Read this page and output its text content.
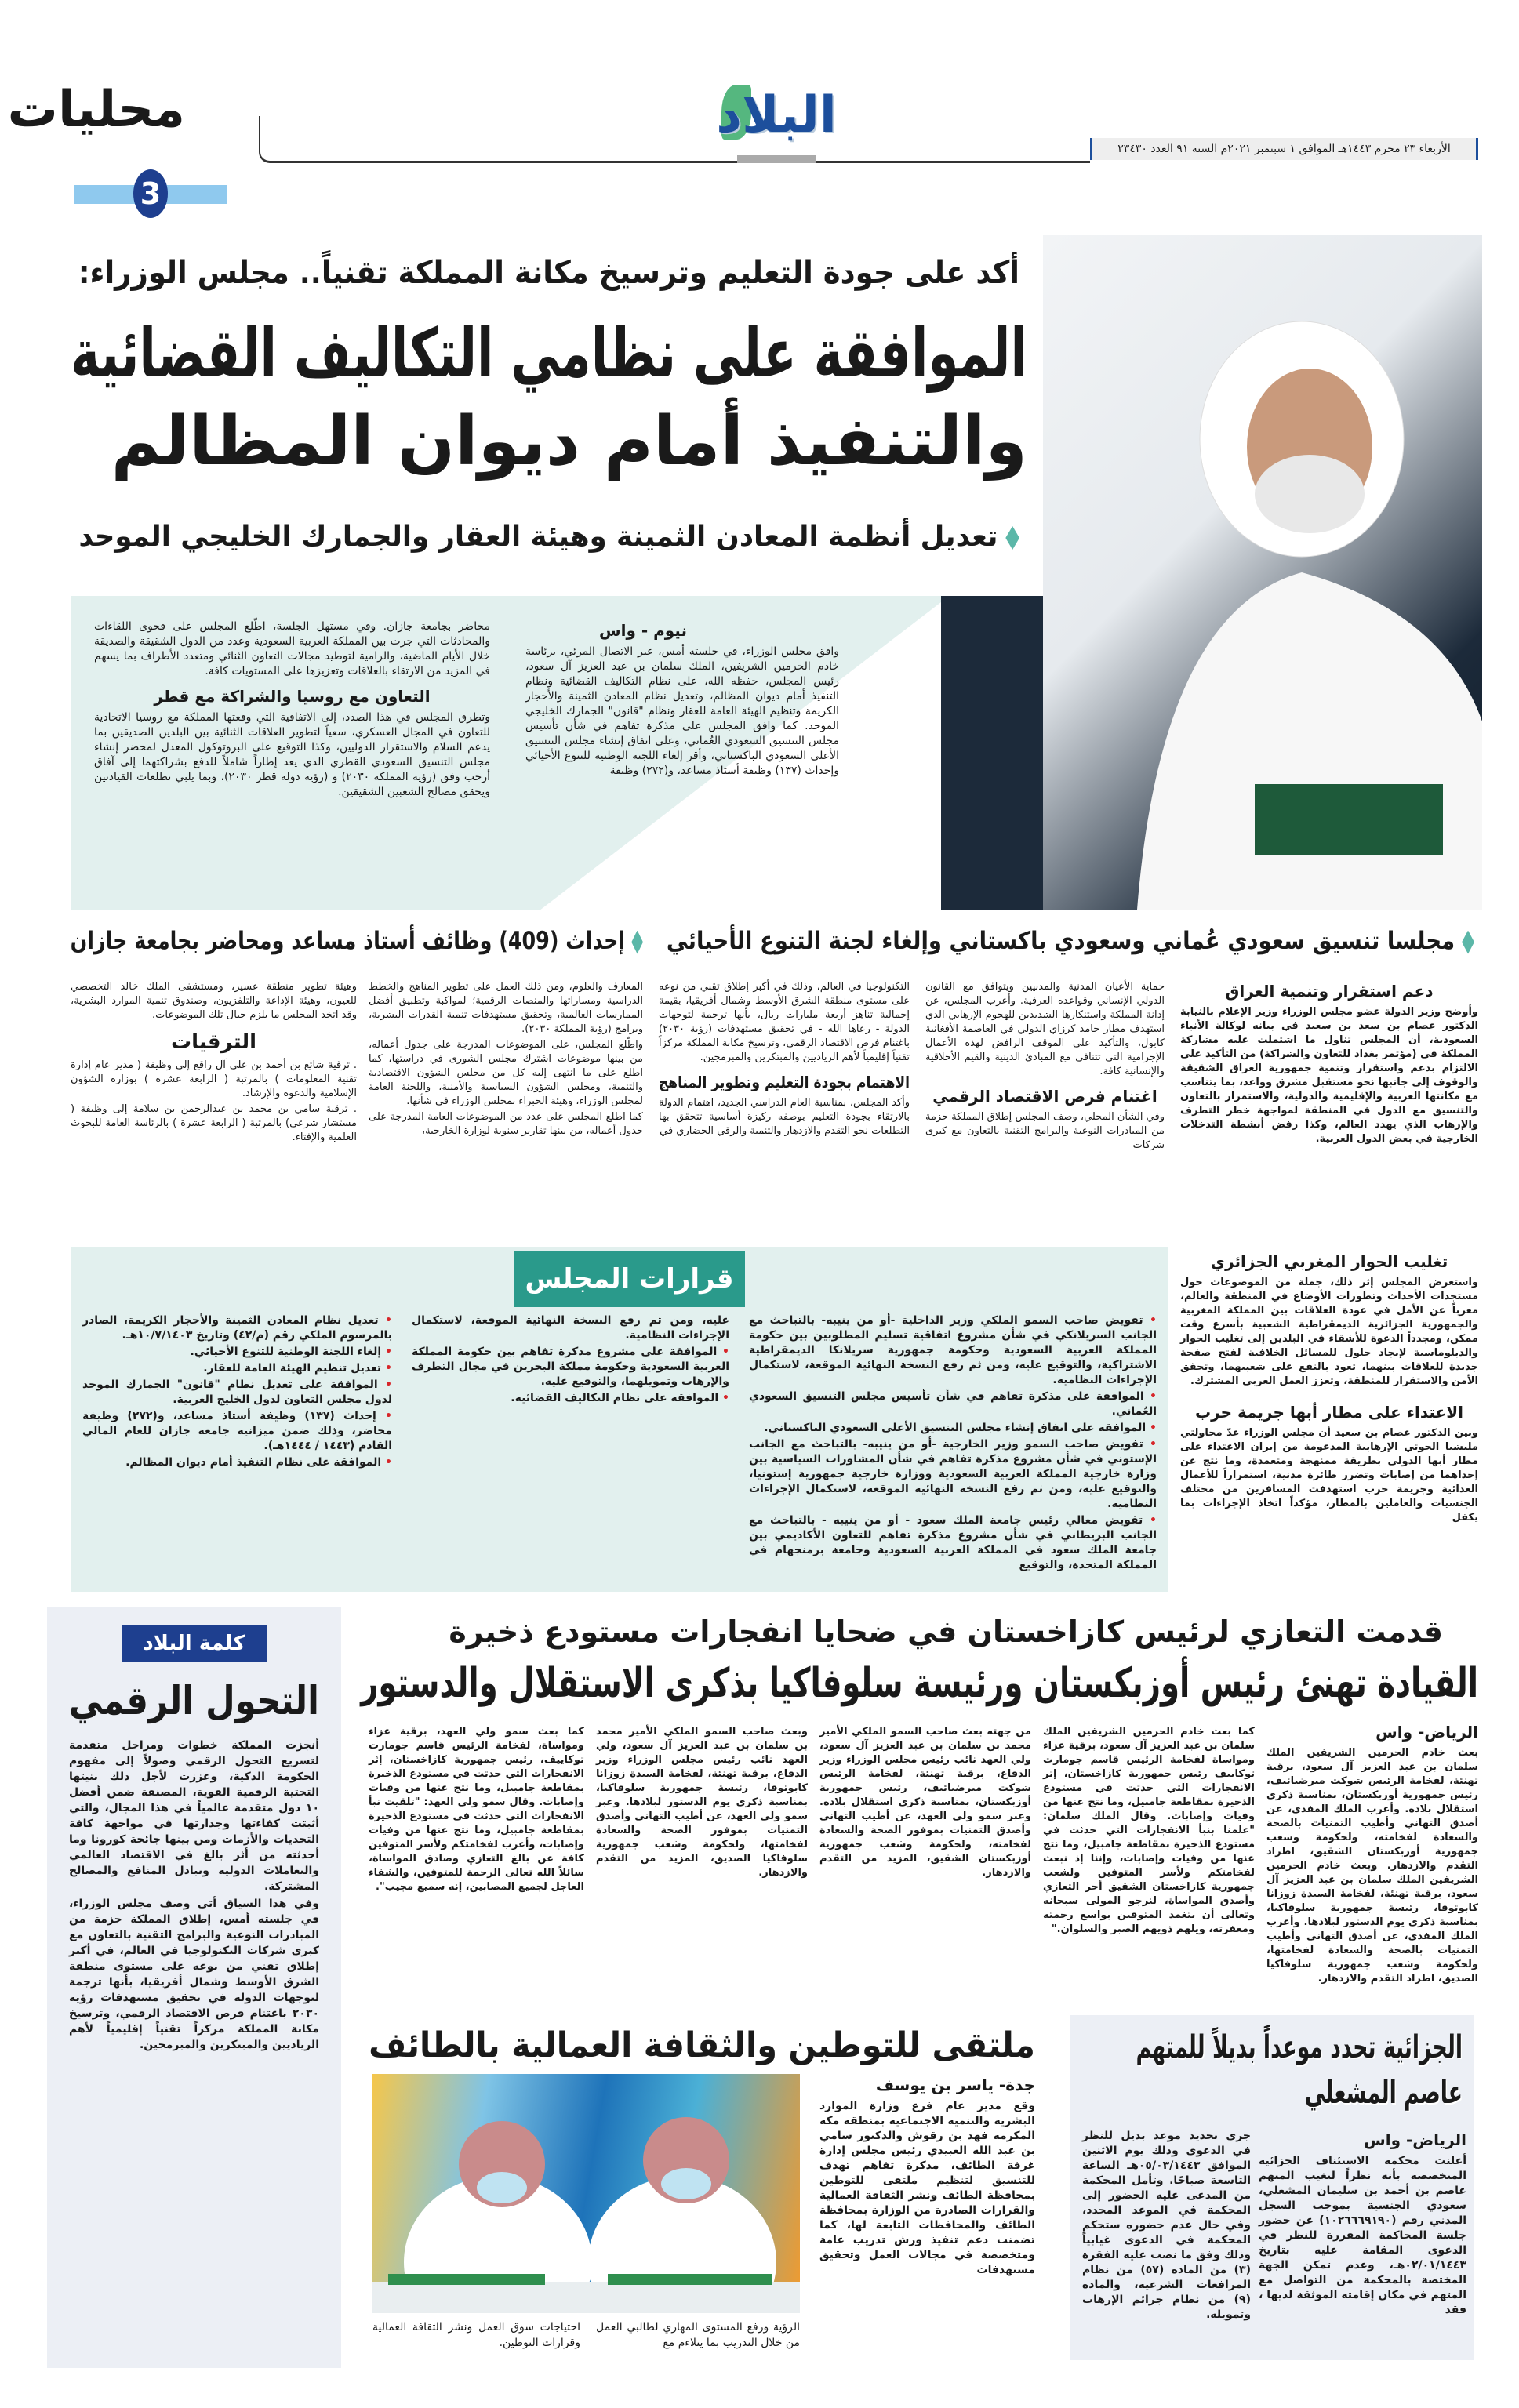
محليات
3
البلاد
الأربعاء ٢٣ محرم ١٤٤٣هـ الموافق ١ سبتمبر ٢٠٢١م السنة ٩١ العدد ٢٣٤٣٠
أكد على جودة التعليم وترسيخ مكانة المملكة تقنياً.. مجلس الوزراء:
الموافقة على نظامي التكاليف القضائية
والتنفيذ أمام ديوان المظالم
تعديل أنظمة المعادن الثمينة وهيئة العقار والجمارك الخليجي الموحد
نيوم - واس
وافق مجلس الوزراء، في جلسته أمس، عبر الاتصال المرئي، برئاسة خادم الحرمين الشريفين، الملك سلمان بن عبد العزيز آل سعود، رئيس المجلس، حفظه الله، على نظام التكاليف القضائية ونظام التنفيذ أمام ديوان المظالم، وتعديل نظام المعادن الثمينة والأحجار الكريمة وتنظيم الهيئة العامة للعقار ونظام "قانون" الجمارك الخليجي الموحد. كما وافق المجلس على مذكرة تفاهم في شأن تأسيس مجلس التنسيق السعودي العُماني، وعلى اتفاق إنشاء مجلس التنسيق الأعلى السعودي الباكستاني، وأقر إلغاء اللجنة الوطنية للتنوع الأحيائي وإحداث (١٣٧) وظيفة أستاذ مساعد، و(٢٧٢) وظيفة
محاضر بجامعة جازان. وفي مستهل الجلسة، اطّلع المجلس على فحوى اللقاءات والمحادثات التي جرت بين المملكة العربية السعودية وعدد من الدول الشقيقة والصديقة خلال الأيام الماضية، والرامية لتوطيد مجالات التعاون الثنائي ومتعدد الأطراف بما يسهم في المزيد من الارتقاء بالعلاقات وتعزيزها على المستويات كافة.
التعاون مع روسيا والشراكة مع قطر
وتطرق المجلس في هذا الصدد، إلى الاتفاقية التي وقعتها المملكة مع روسيا الاتحادية للتعاون في المجال العسكري، سعياً لتطوير العلاقات الثنائية بين البلدين الصديقين بما يدعم السلام والاستقرار الدوليين، وكذا التوقيع على البروتوكول المعدل لمحضر إنشاء مجلس التنسيق السعودي القطري الذي يعد إطاراً شاملاً للدفع بشراكتهما إلى آفاق أرحب وفق (رؤية المملكة ٢٠٣٠) و (رؤية دولة قطر ٢٠٣٠)، وبما يلبي تطلعات القيادتين ويحقق مصالح الشعبين الشقيقين.
مجلسا تنسيق سعودي عُماني وسعودي باكستاني وإلغاء لجنة التنوع الأحيائي
إحداث (409) وظائف أستاذ مساعد ومحاضر بجامعة جازان
دعم استقرار وتنمية العراق
وأوضح وزير الدولة عضو مجلس الوزراء وزير الإعلام بالنيابة الدكتور عصام بن سعد بن سعيد في بيانه لوكالة الأنباء السعودية، أن المجلس تناول ما اشتملت عليه مشاركة المملكة في (مؤتمر بغداد للتعاون والشراكة) من التأكيد على الالتزام بدعم واستقرار وتنمية جمهورية العراق الشقيقة والوقوف إلى جانبها نحو مستقبل مشرق وواعد، بما يتناسب مع مكانتها العربية والإقليمية والدولية، والاستمرار بالتعاون والتنسيق مع الدول في المنطقة لمواجهة خطر التطرف والإرهاب الذي يهدد العالم، وكذا رفض أنشطة التدخلات الخارجية في بعض الدول العربية.
حماية الأعيان المدنية والمدنيين ويتوافق مع القانون الدولي الإنساني وقواعده العرفية. وأعرب المجلس، عن إدانة المملكة واستنكارها الشديدين للهجوم الإرهابي الذي استهدف مطار حامد كرزاي الدولي في العاصمة الأفغانية كابول، والتأكيد على الموقف الرافض لهذه الأعمال الإجرامية التي تتنافى مع المبادئ الدينية والقيم الأخلاقية والإنسانية كافة.
اغتنام فرص الاقتصاد الرقمي
وفي الشأن المحلي، وصف المجلس إطلاق المملكة حزمة من المبادرات النوعية والبرامج التقنية بالتعاون مع كبرى شركات
التكنولوجيا في العالم، وذلك في أكبر إطلاق تقني من نوعه على مستوى منطقة الشرق الأوسط وشمال أفريقيا، بقيمة إجمالية تناهز أربعة مليارات ريال، بأنها ترجمة لتوجهات الدولة - رعاها الله - في تحقيق مستهدفات (رؤية ٢٠٣٠) باغتنام فرص الاقتصاد الرقمي، وترسيخ مكانة المملكة مركزاً تقنياً إقليمياً لأهم الرياديين والمبتكرين والمبرمجين.
الاهتمام بجودة التعليم وتطوير المناهج
وأكد المجلس، بمناسبة العام الدراسي الجديد، اهتمام الدولة بالارتقاء بجودة التعليم بوصفه ركيزة أساسية تتحقق بها التطلعات نحو التقدم والازدهار والتنمية والرقي الحضاري في
المعارف والعلوم، ومن ذلك العمل على تطوير المناهج والخطط الدراسية ومساراتها والمنصات الرقمية؛ لمواكبة وتطبيق أفضل الممارسات العالمية، وتحقيق مستهدفات تنمية القدرات البشرية، وبرامج (رؤية المملكة ٢٠٣٠).
واطّلع المجلس، على الموضوعات المدرجة على جدول أعماله، من بينها موضوعات اشترك مجلس الشورى في دراستها، كما اطلع على ما انتهى إليه كل من مجلس الشؤون الاقتصادية والتنمية، ومجلس الشؤون السياسية والأمنية، واللجنة العامة لمجلس الوزراء، وهيئة الخبراء بمجلس الوزراء في شأنها.
كما اطلع المجلس على عدد من الموضوعات العامة المدرجة على جدول أعماله، من بينها تقارير سنوية لوزارة الخارجية،
وهيئة تطوير منطقة عسير، ومستشفى الملك خالد التخصصي للعيون، وهيئة الإذاعة والتلفزيون، وصندوق تنمية الموارد البشرية، وقد اتخذ المجلس ما يلزم حيال تلك الموضوعات.
الترقيات
. ترقية شائع بن أحمد بن علي آل راقع إلى وظيفة ( مدير عام إدارة تقنية المعلومات ) بالمرتبة ( الرابعة عشرة ) بوزارة الشؤون الإسلامية والدعوة والإرشاد.
. ترقية سامي بن محمد بن عبدالرحمن بن سلامة إلى وظيفة ( مستشار شرعي) بالمرتبة ( الرابعة عشرة ) بالرئاسة العامة للبحوث العلمية والإفتاء.
قرارات المجلس
• تفويض صاحب السمو الملكي وزير الداخلية -أو من ينيبه- بالتباحث مع الجانب السريلانكي في شأن مشروع اتفاقية تسليم المطلوبين بين حكومة المملكة العربية السعودية وحكومة جمهورية سريلانكا الديمقراطية الاشتراكية، والتوقيع عليه، ومن ثم رفع النسخة النهائية الموقعة، لاستكمال الإجراءات النظامية.
• الموافقة على مذكرة تفاهم في شأن تأسيس مجلس التنسيق السعودي العُماني.
• الموافقة على اتفاق إنشاء مجلس التنسيق الأعلى السعودي الباكستاني.
• تفويض صاحب السمو وزير الخارجية -أو من ينيبه- بالتباحث مع الجانب الإستوني في شأن مشروع مذكرة تفاهم في شأن المشاورات السياسية بين وزارة خارجية المملكة العربية السعودية ووزارة خارجية جمهورية إستونيا، والتوقيع عليه، ومن ثم رفع النسخة النهائية الموقعة، لاستكمال الإجراءات النظامية.
• تفويض معالي رئيس جامعة الملك سعود - أو من ينيبه - بالتباحث مع الجانب البريطاني في شأن مشروع مذكرة تفاهم للتعاون الأكاديمي بين جامعة الملك سعود في المملكة العربية السعودية وجامعة برمنجهام في المملكة المتحدة، والتوقيع
عليه، ومن ثم رفع النسخة النهائية الموقعة، لاستكمال الإجراءات النظامية.
• الموافقة على مشروع مذكرة تفاهم بين حكومة المملكة العربية السعودية وحكومة مملكة البحرين في مجال التطرف والإرهاب وتمويلهما، والتوقيع عليه.
• الموافقة على نظام التكاليف القضائية.
• تعديل نظام المعادن الثمينة والأحجار الكريمة، الصادر بالمرسوم الملكي رقم (م/٤٢) وتاريخ ١٠/٧/١٤٠٣هـ.
• إلغاء اللجنة الوطنية للتنوع الأحيائي.
• تعديل تنظيم الهيئة العامة للعقار.
• الموافقة على تعديل نظام "قانون" الجمارك الموحد لدول مجلس التعاون لدول الخليج العربية.
• إحداث (١٣٧) وظيفة أستاذ مساعد، و(٢٧٢) وظيفة محاضر، وذلك ضمن ميزانية جامعة جازان للعام المالي القادم (١٤٤٣ / ١٤٤٤هـ).
• الموافقة على نظام التنفيذ أمام ديوان المظالم.
تغليب الحوار المغربي الجزائري
واستعرض المجلس إثر ذلك، جملة من الموضوعات حول مستجدات الأحداث وتطورات الأوضاع في المنطقة والعالم، معرباً عن الأمل في عودة العلاقات بين المملكة المغربية والجمهورية الجزائرية الديمقراطية الشعبية بأسرع وقت ممكن، ومجدداً الدعوة للأشقاء في البلدين إلى تغليب الحوار والدبلوماسية لإيجاد حلول للمسائل الخلافية لفتح صفحة جديدة للعلاقات بينهما، تعود بالنفع على شعبيهما، وتحقق الأمن والاستقرار للمنطقة، وتعزز العمل العربي المشترك.
الاعتداء على مطار أبها جريمة حرب
وبين الدكتور عصام بن سعيد أن مجلس الوزراء عدّ محاولتي مليشيا الحوثي الإرهابية المدعومة من إيران الاعتداء على مطار أبها الدولي بطريقة ممنهجة ومتعمدة، وما نتج عن إحداهما من إصابات وتضرر طائرة مدنية، استمراراً للأعمال العدائية وجريمة حرب استهدفت المسافرين من مختلف الجنسيات والعاملين بالمطار، مؤكداً اتخاذ الإجراءات بما يكفل
كلمة البلاد
التحول الرقمي
أنجزت المملكة خطوات ومراحل متقدمة لتسريع التحول الرقمي وصولاً إلى مفهوم الحكومة الذكية، وعززت لأجل ذلك بنيتها التحتية الرقمية القوية، المصنفة ضمن أفضل ١٠ دول متقدمة عالمياً في هذا المجال، والتي أثبتت كفاءتها وجدارتها في مواجهة كافة التحديات والأزمات ومن بينها جائحة كورونا وما أحدثته من أثر بالغ في الاقتصاد العالمي والتعاملات الدولية وتبادل المنافع والمصالح المشتركة.
وفي هذا السياق أتى وصف مجلس الوزراء، في جلسته أمس، إطلاق المملكة حزمة من المبادرات النوعية والبرامج التقنية بالتعاون مع كبرى شركات التكنولوجيا في العالم، في أكبر إطلاق تقني من نوعه على مستوى منطقة الشرق الأوسط وشمال أفريقيا، بأنها ترجمة لتوجهات الدولة في تحقيق مستهدفات رؤية ٢٠٣٠ باغتنام فرص الاقتصاد الرقمي، وترسيخ مكانة المملكة مركزاً تقنياً إقليمياً لأهم الرياديين والمبتكرين والمبرمجين.
قدمت التعازي لرئيس كازاخستان في ضحايا انفجارات مستودع ذخيرة
القيادة تهنئ رئيس أوزبكستان ورئيسة سلوفاكيا بذكرى الاستقلال والدستور
الرياض- واس
بعث خادم الحرمين الشريفين الملك سلمان بن عبد العزيز آل سعود، برقية تهنئة، لفخامة الرئيس شوكت ميرضيائيف، رئيس جمهورية أوزبكستان، بمناسبة ذكرى استقلال بلاده. وأعرب الملك المفدى، عن أصدق التهاني وأطيب التمنيات بالصحة والسعادة لفخامته، ولحكومة وشعب جمهورية أوزبكستان الشقيق، اطراد التقدم والازدهار. وبعث خادم الحرمين الشريفين الملك سلمان بن عبد العزيز آل سعود، برقية تهنئة، لفخامة السيدة زوزانا كابوتوفا، رئيسة جمهورية سلوفاكيا، بمناسبة ذكرى يوم الدستور لبلادها. وأعرب الملك المفدى، عن أصدق التهاني وأطيب التمنيات بالصحة والسعادة لفخامتها، ولحكومة وشعب جمهورية سلوفاكيا الصديق، اطراد التقدم والازدهار.
كما بعث خادم الحرمين الشريفين الملك سلمان بن عبد العزيز آل سعود، برقية عزاء ومواساة لفخامة الرئيس قاسم جومارت توكاييف رئيس جمهورية كازاخستان، إثر الانفجارات التي حدثت في مستودع الذخيرة بمقاطعة جامبيل، وما نتج عنها من وفيات وإصابات. وقال الملك سلمان: "علمنا بنبأ الانفجارات التي حدثت في مستودع الذخيرة بمقاطعة جامبيل، وما نتج عنها من وفيات وإصابات، وإننا إذ نبعث لفخامتكم ولأسر المتوفين ولشعب جمهورية كازاخستان الشقيق أحر التعازي وأصدق المواساة، لنرجو المولى سبحانه وتعالى أن يتغمد المتوفين بواسع رحمته ومغفرته، ويلهم ذويهم الصبر والسلوان."
من جهته بعث صاحب السمو الملكي الأمير محمد بن سلمان بن عبد العزيز آل سعود، ولي العهد نائب رئيس مجلس الوزراء وزير الدفاع، برقية تهنئة، لفخامة الرئيس شوكت ميرضيائيف، رئيس جمهورية أوزبكستان، بمناسبة ذكرى استقلال بلاده. وعبر سمو ولي العهد، عن أطيب التهاني وأصدق التمنيات بموفور الصحة والسعادة لفخامته، ولحكومة وشعب جمهورية أوزبكستان الشقيق، المزيد من التقدم والازدهار.
وبعث صاحب السمو الملكي الأمير محمد بن سلمان بن عبد العزيز آل سعود، ولي العهد نائب رئيس مجلس الوزراء وزير الدفاع، برقية تهنئة، لفخامة السيدة زوزانا كابوتوفا، رئيسة جمهورية سلوفاكيا، بمناسبة ذكرى يوم الدستور لبلادها. وعبر سمو ولي العهد، عن أطيب التهاني وأصدق التمنيات بموفور الصحة والسعادة لفخامتها، ولحكومة وشعب جمهورية سلوفاكيا الصديق، المزيد من التقدم والازدهار.
كما بعث سمو ولي العهد، برقية عزاء ومواساة، لفخامة الرئيس قاسم جومارت توكاييف، رئيس جمهورية كازاخستان، إثر الانفجارات التي حدثت في مستودع الذخيرة بمقاطعة جامبيل، وما نتج عنها من وفيات وإصابات. وقال سمو ولي العهد: "تلقيت نبأ الانفجارات التي حدثت في مستودع الذخيرة بمقاطعة جامبيل، وما نتج عنها من وفيات وإصابات، وأعرب لفخامتكم ولأسر المتوفين كافة عن بالغ التعازي وصادق المواساة، سائلاً الله تعالى الرحمة للمتوفين، والشفاء العاجل لجميع المصابين، إنه سميع مجيب".
ملتقى للتوطين والثقافة العمالية بالطائف
الرؤية ورفع المستوى المهاري لطالبي العمل من خلال التدريب بما يتلاءم مع
احتياجات سوق العمل ونشر الثقافة العمالية وقرارات التوطين.
جدة- ياسر بن يوسف
وقع مدير عام فرع وزارة الموارد البشرية والتنمية الاجتماعية بمنطقة مكة المكرمة فهد بن رقوش والدكتور سامي بن عبد الله العبيدي رئيس مجلس إدارة غرفة الطائف، مذكرة تفاهم تهدف للتنسيق لتنظيم ملتقى للتوطين بمحافظة الطائف ونشر الثقافة العمالية والقرارات الصادرة من الوزارة بمحافظة الطائف والمحافظات التابعة لها، كما تضمنت دعم تنفيذ ورش تدريب عامة ومتخصصة في مجالات العمل وتحقيق مستهدفات
الجزائية تحدد موعداً بديلاً للمتهم عاصم المشعلي
الرياض- واس
أعلنت محكمة الاستئناف الجزائية المتخصصة بأنه نظراً لتغيب المتهم عاصم بن أحمد بن سليمان المشعلي، سعودي الجنسية بموجب السجل المدني رقم (١٠٢٦٦٦٩١٩٠) عن حضور جلسة المحاكمة المقررة للنظر في الدعوى المقامة عليه بتاريخ ٠٢/٠١/١٤٤٣هـ، وعدم تمكن الجهة المختصة بالمحكمة من التواصل مع المتهم في مكان إقامته الموثقة لديها ، فقد
جرى تحديد موعد بديل للنظر في الدعوى وذلك يوم الاثنين الموافق ٠٥/٠٣/١٤٤٣هـ الساعة التاسعة صباحًا. وتأمل المحكمة من المدعى عليه الحضور إلى المحكمة في الموعد المحدد، وفي حال عدم حضوره ستحكم المحكمة في الدعوى غيابياً وذلك وفق ما نصت عليه الفقرة (٣) من المادة (٥٧) من نظام المرافعات الشرعية، والمادة (٩) من نظام جرائم الإرهاب وتمويله.
